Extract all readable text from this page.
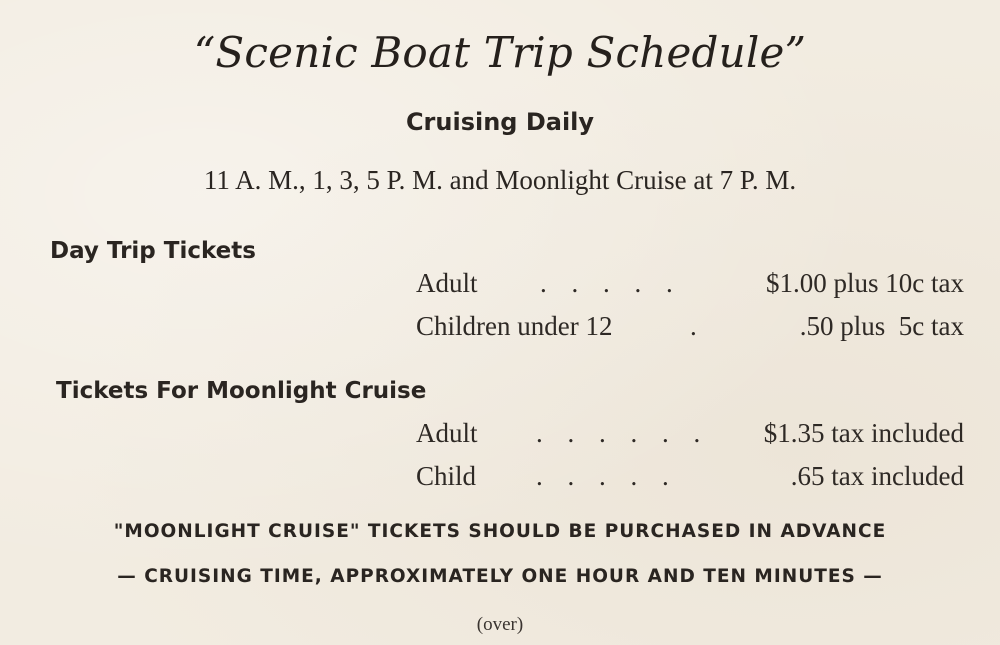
“Scenic Boat Trip Schedule”
Cruising Daily
11 A. M., 1, 3, 5 P. M. and Moonlight Cruise at 7 P. M.
Day Trip Tickets
Adult . . . . .	$1.00 plus 10c tax
Children under 12	.	.50 plus  5c tax
Tickets For Moonlight Cruise
Adult . . . . . .	$1.35 tax included
Child . . . . .	.65 tax included
"MOONLIGHT CRUISE" TICKETS SHOULD BE PURCHASED IN ADVANCE
— CRUISING TIME, APPROXIMATELY ONE HOUR AND TEN MINUTES —
(over)
